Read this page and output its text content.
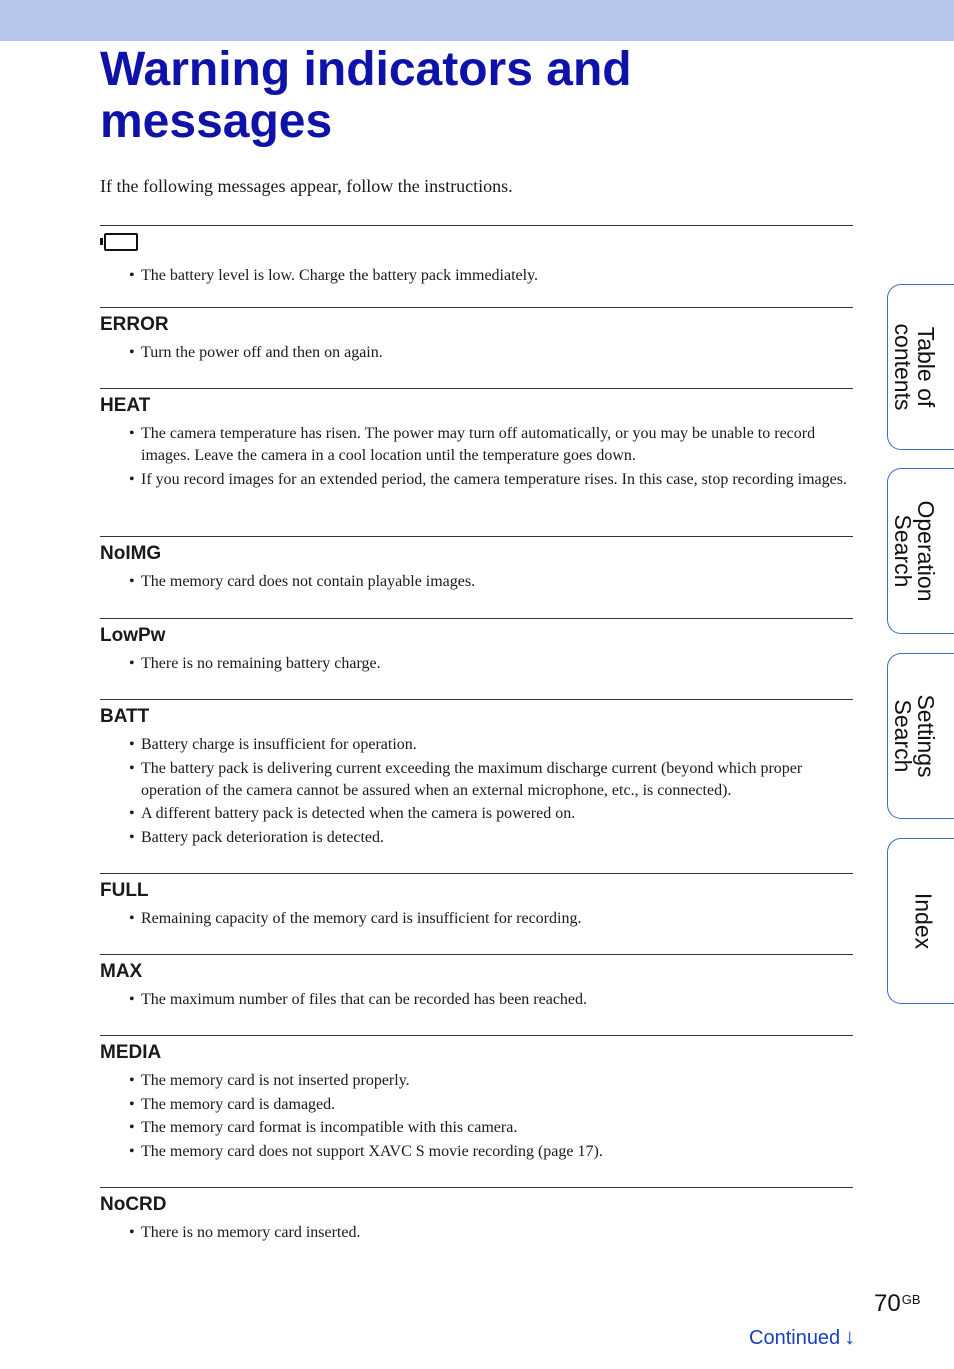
Warning indicators and messages

If the following messages appear, follow the instructions.

• The battery level is low. Charge the battery pack immediately.
ERROR
• Turn the power off and then on again.
HEAT
• The camera temperature has risen. The power may turn off automatically, or you may be unable to record images. Leave the camera in a cool location until the temperature goes down.
• If you record images for an extended period, the camera temperature rises. In this case, stop recording images.
NoIMG
• The memory card does not contain playable images.
LowPw
• There is no remaining battery charge.
BATT
• Battery charge is insufficient for operation.
• The battery pack is delivering current exceeding the maximum discharge current (beyond which proper operation of the camera cannot be assured when an external microphone, etc., is connected).
• A different battery pack is detected when the camera is powered on.
• Battery pack deterioration is detected.
FULL
• Remaining capacity of the memory card is insufficient for recording.
MAX
• The maximum number of files that can be recorded has been reached.
MEDIA
• The memory card is not inserted properly.
• The memory card is damaged.
• The memory card format is incompatible with this camera.
• The memory card does not support XAVC S movie recording (page 17).
NoCRD
• There is no memory card inserted.
Table of
contents
Operation
Search
Settings
Search
Index
$70^{GB}$
Continued ↓
